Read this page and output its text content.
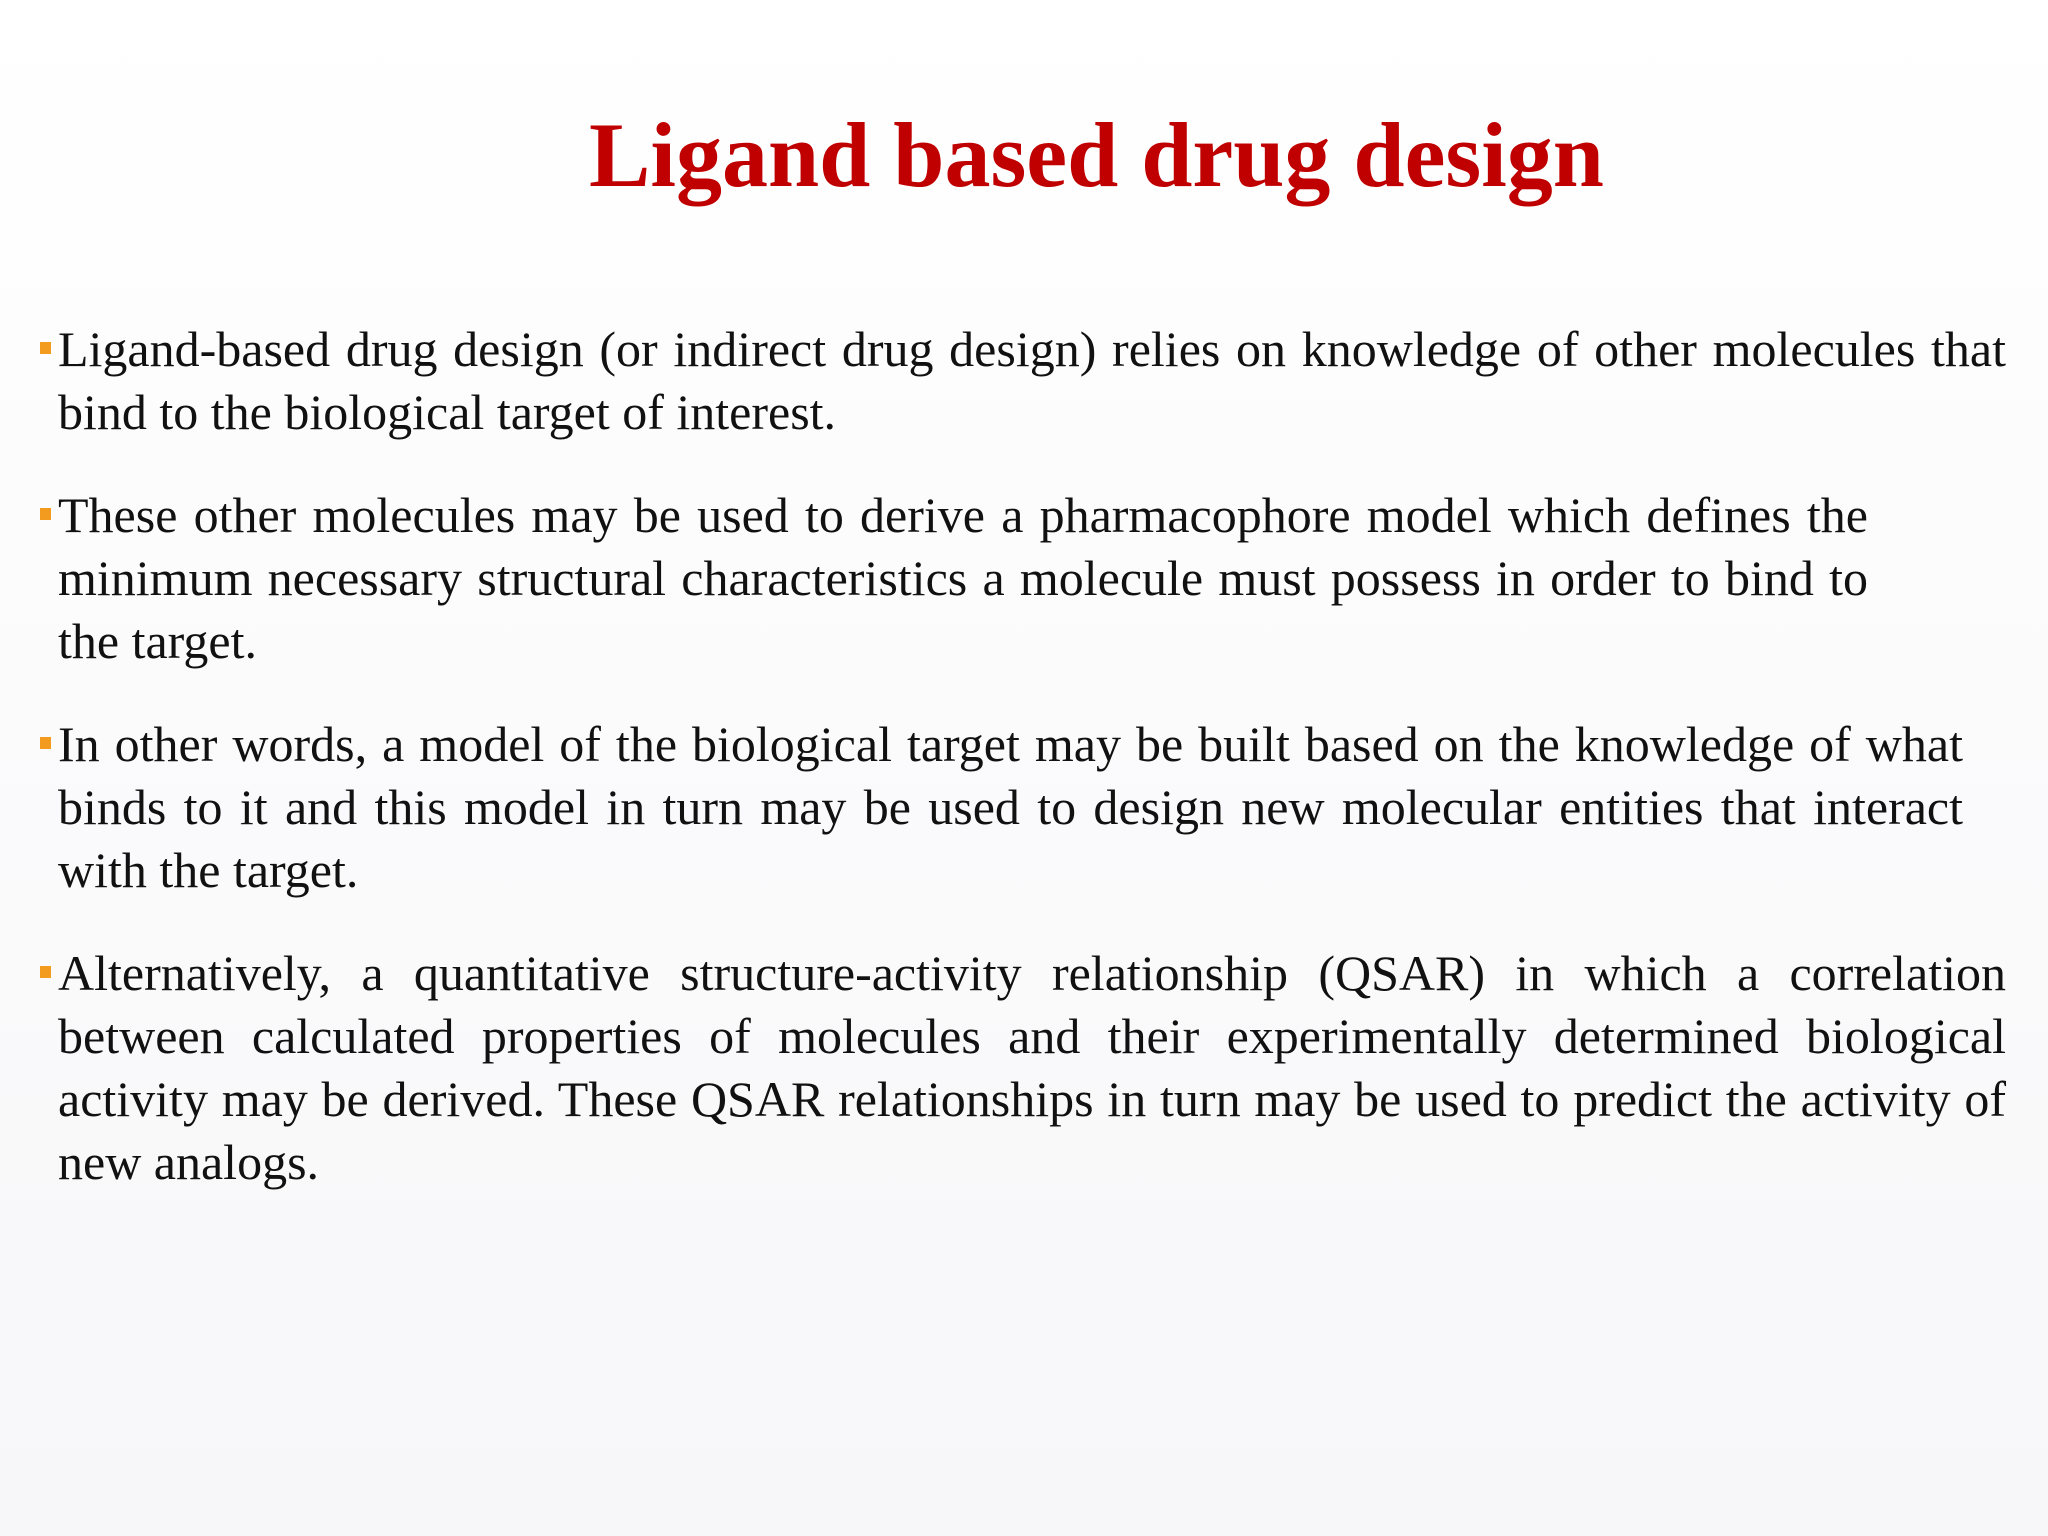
Ligand based drug design
Ligand-based drug design (or indirect drug design) relies on knowledge of other molecules that bind to the biological target of interest.
These other molecules may be used to derive a pharmacophore model which defines the minimum necessary structural characteristics a molecule must possess in order to bind to the target.
In other words, a model of the biological target may be built based on the knowledge of what binds to it and this model in turn may be used to design new molecular entities that interact with the target.
Alternatively, a quantitative structure-activity relationship (QSAR) in which a correlation between calculated properties of molecules and their experimentally determined biological activity may be derived. These QSAR relationships in turn may be used to predict the activity of new analogs.
